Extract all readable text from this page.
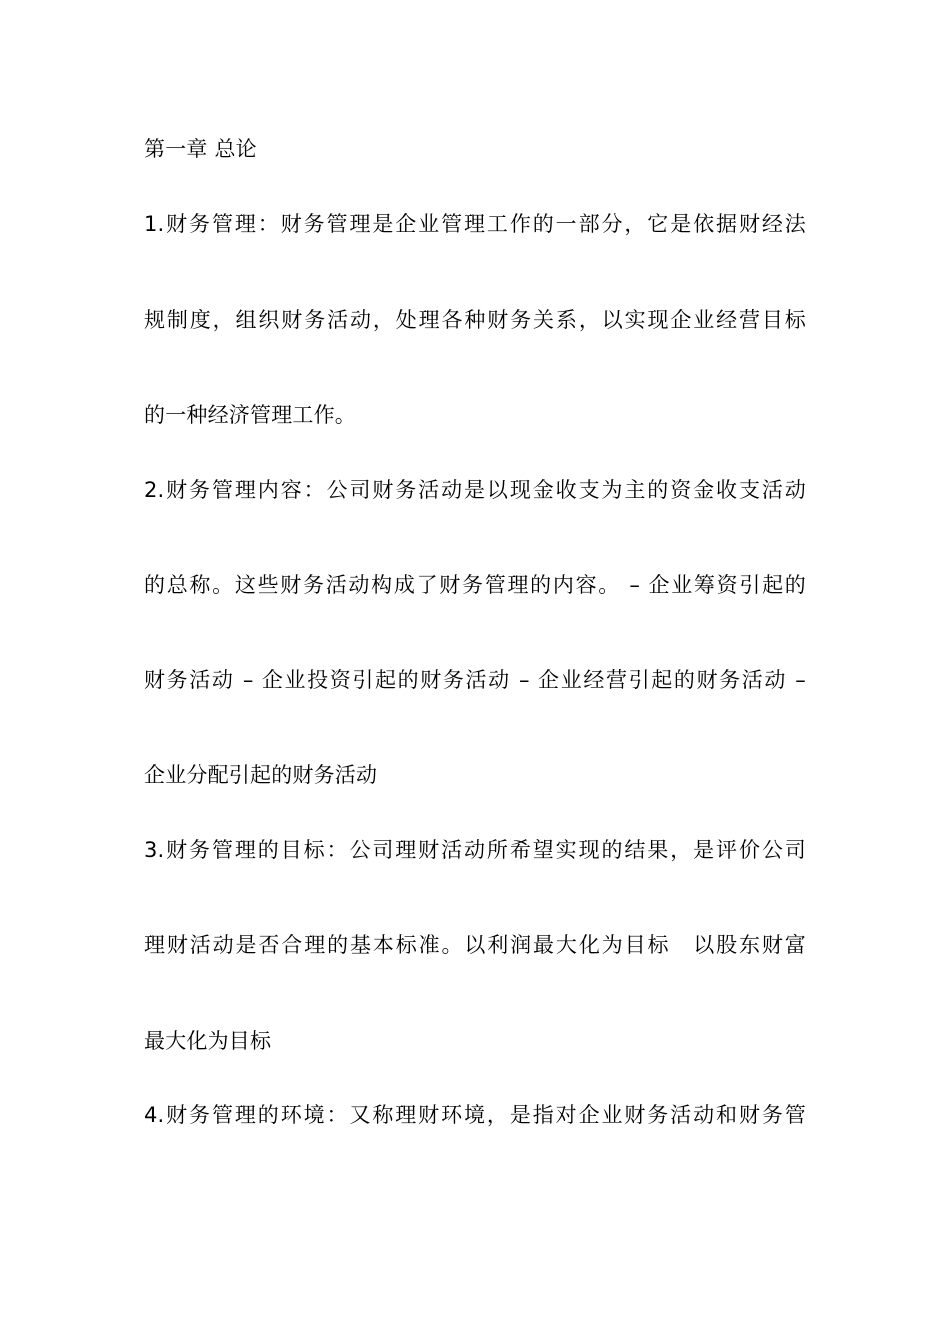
第一章 总论
1.财务管理：财务管理是企业管理工作的一部分，它是依据财经法
规制度，组织财务活动，处理各种财务关系，以实现企业经营目标
的一种经济管理工作。
2.财务管理内容：公司财务活动是以现金收支为主的资金收支活动
的总称。这些财务活动构成了财务管理的内容。 – 企业筹资引起的
财务活动 – 企业投资引起的财务活动 – 企业经营引起的财务活动 –
企业分配引起的财务活动
3.财务管理的目标：公司理财活动所希望实现的结果，是评价公司
理财活动是否合理的基本标准。以利润最大化为目标　以股东财富
最大化为目标
4.财务管理的环境：又称理财环境，是指对企业财务活动和财务管
